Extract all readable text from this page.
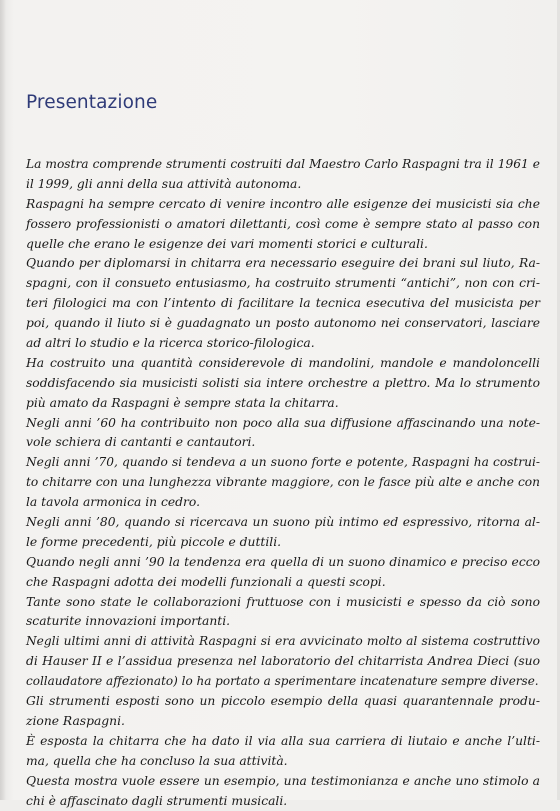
Presentazione
La mostra comprende strumenti costruiti dal Maestro Carlo Raspagni tra il 1961 e
il 1999, gli anni della sua attività autonoma.
Raspagni ha sempre cercato di venire incontro alle esigenze dei musicisti sia che
fossero professionisti o amatori dilettanti, così come è sempre stato al passo con
quelle che erano le esigenze dei vari momenti storici e culturali.
Quando per diplomarsi in chitarra era necessario eseguire dei brani sul liuto, Ra-
spagni, con il consueto entusiasmo, ha costruito strumenti “antichi”, non con cri-
teri filologici ma con l’intento di facilitare la tecnica esecutiva del musicista per
poi, quando il liuto si è guadagnato un posto autonomo nei conservatori, lasciare
ad altri lo studio e la ricerca storico-filologica.
Ha costruito una quantità considerevole di mandolini, mandole e mandoloncelli
soddisfacendo sia musicisti solisti sia intere orchestre a plettro. Ma lo strumento
più amato da Raspagni è sempre stata la chitarra.
Negli anni ’60 ha contribuito non poco alla sua diffusione affascinando una note-
vole schiera di cantanti e cantautori.
Negli anni ’70, quando si tendeva a un suono forte e potente, Raspagni ha costrui-
to chitarre con una lunghezza vibrante maggiore, con le fasce più alte e anche con
la tavola armonica in cedro.
Negli anni ’80, quando si ricercava un suono più intimo ed espressivo, ritorna al-
le forme precedenti, più piccole e duttili.
Quando negli anni ’90 la tendenza era quella di un suono dinamico e preciso ecco
che Raspagni adotta dei modelli funzionali a questi scopi.
Tante sono state le collaborazioni fruttuose con i musicisti e spesso da ciò sono
scaturite innovazioni importanti.
Negli ultimi anni di attività Raspagni si era avvicinato molto al sistema costruttivo
di Hauser II e l’assidua presenza nel laboratorio del chitarrista Andrea Dieci (suo
collaudatore affezionato) lo ha portato a sperimentare incatenature sempre diverse.
Gli strumenti esposti sono un piccolo esempio della quasi quarantennale produ-
zione Raspagni.
È esposta la chitarra che ha dato il via alla sua carriera di liutaio e anche l’ulti-
ma, quella che ha concluso la sua attività.
Questa mostra vuole essere un esempio, una testimonianza e anche uno stimolo a
chi è affascinato dagli strumenti musicali.
